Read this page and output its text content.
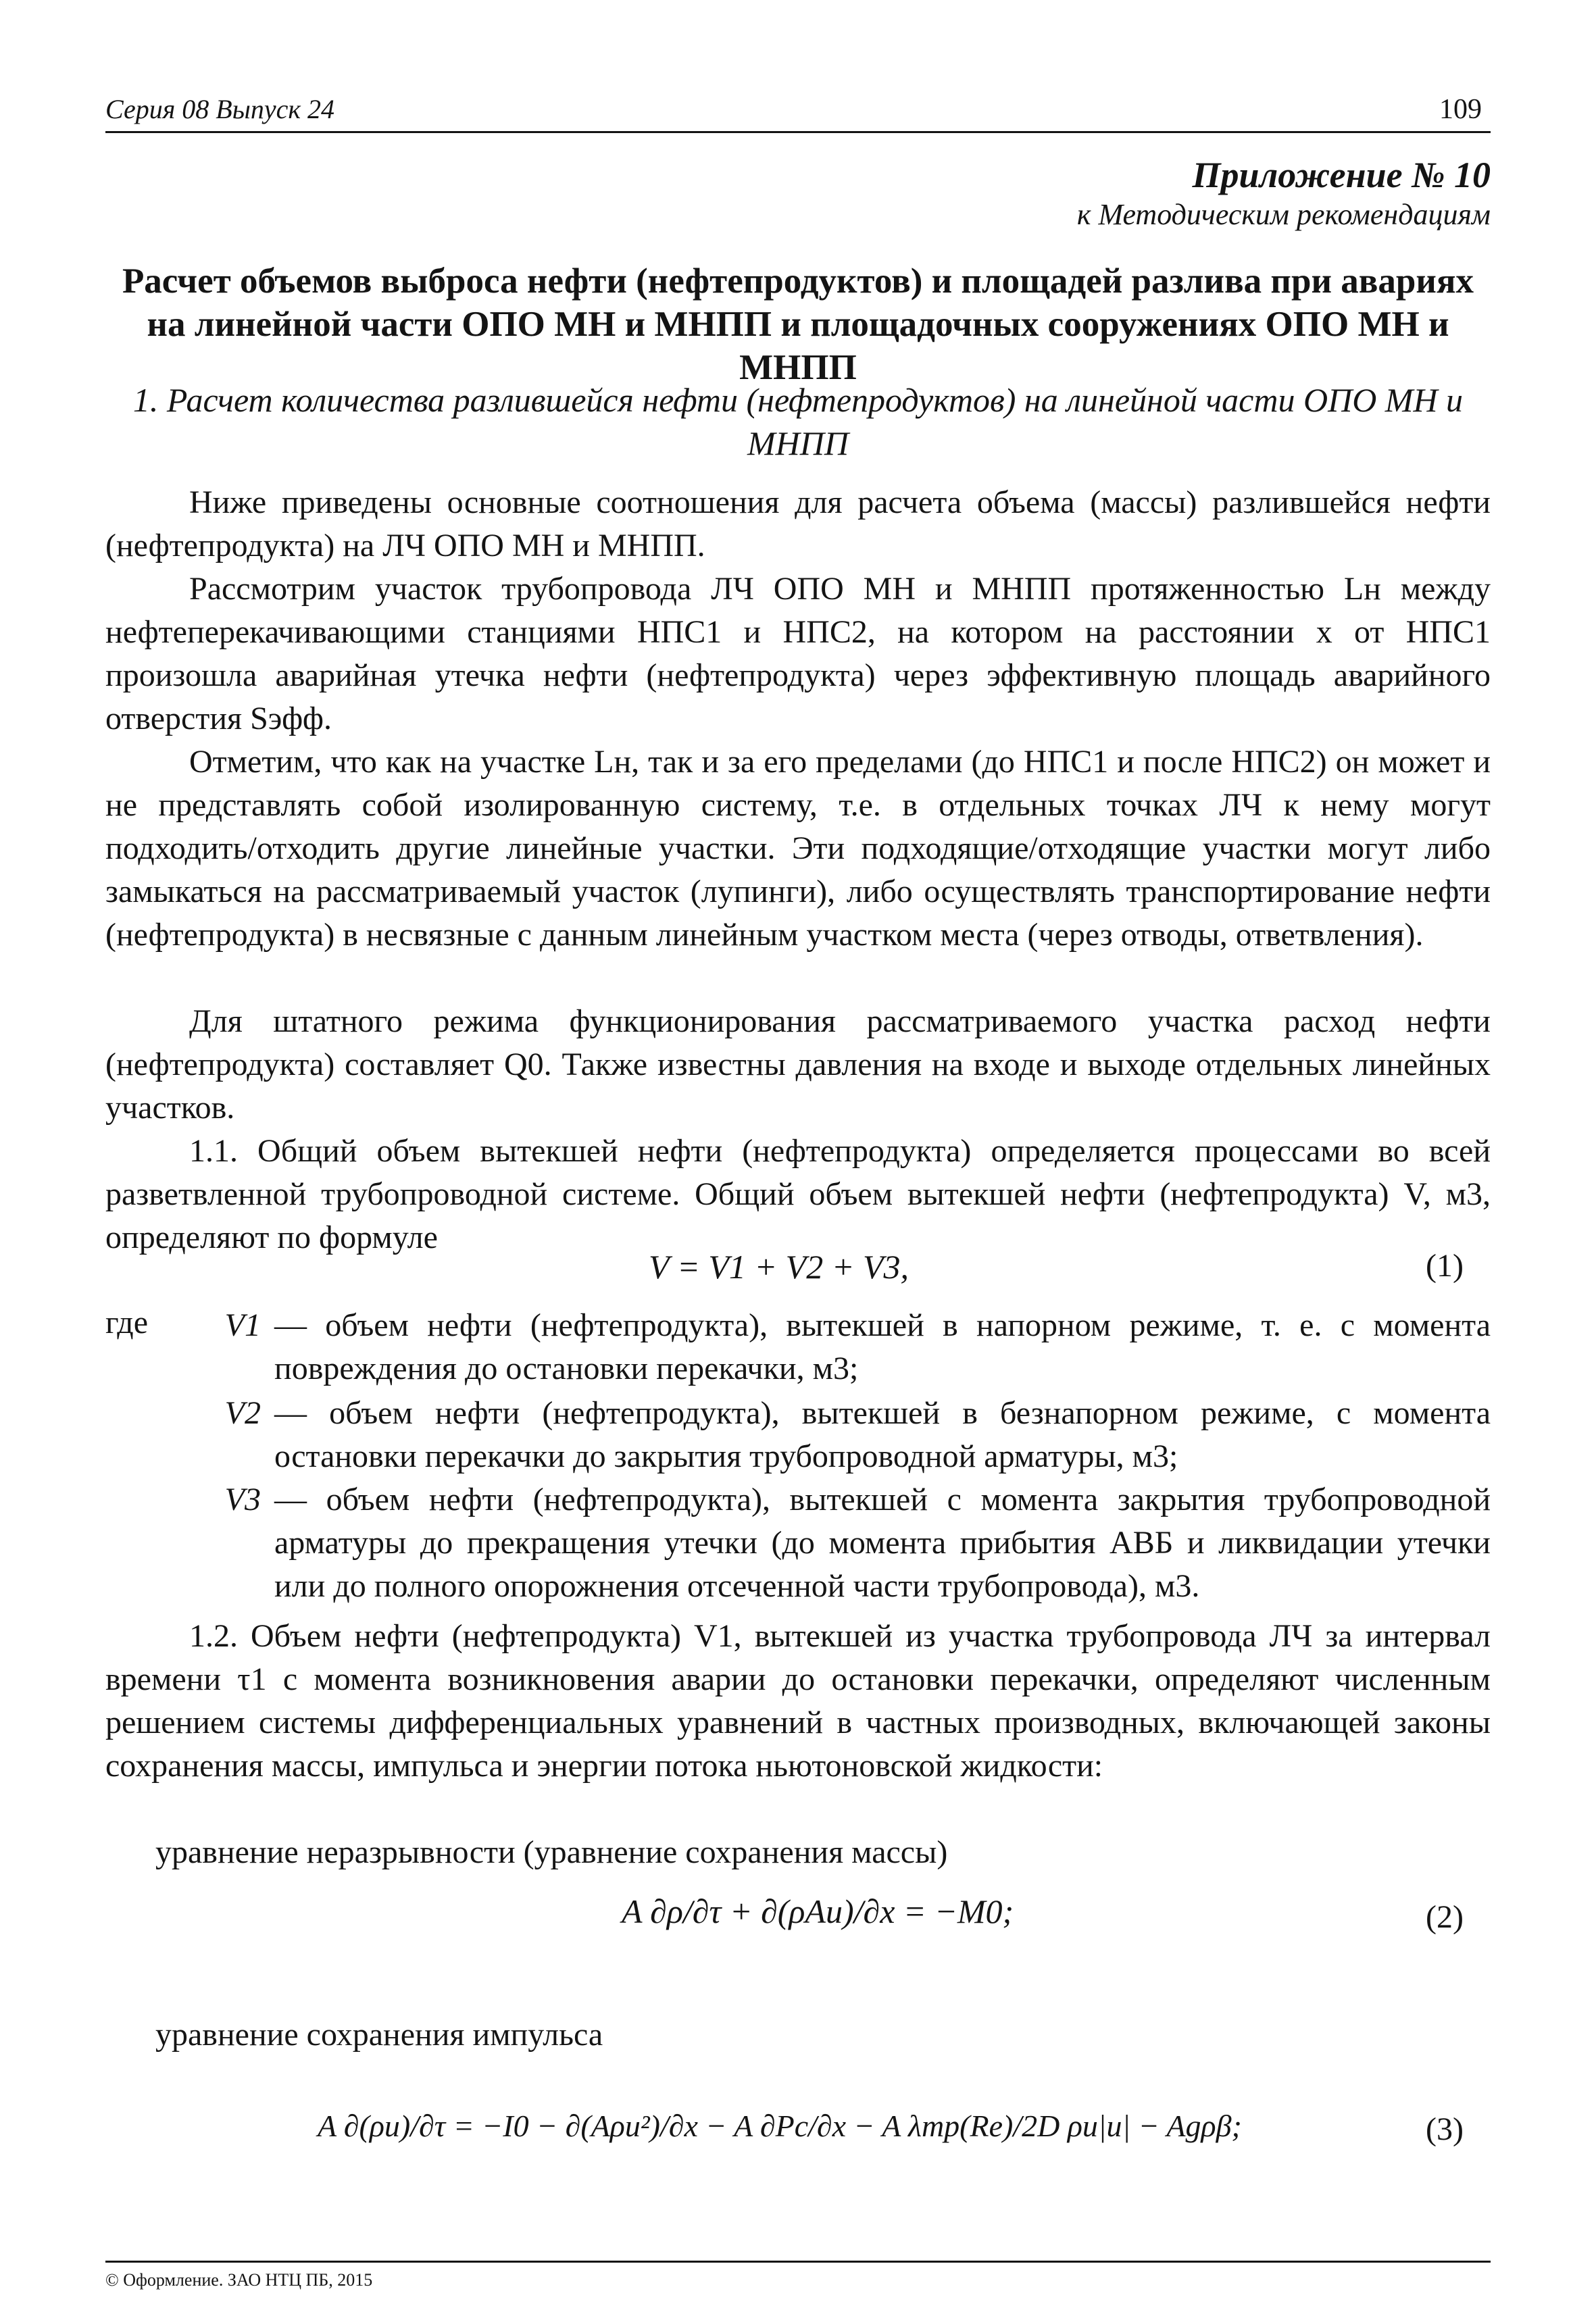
Серия 08 Выпуск 24	109
Приложение № 10
к Методическим рекомендациям
Расчет объемов выброса нефти (нефтепродуктов) и площадей разлива при авариях на линейной части ОПО МН и МНПП и площадочных сооружениях ОПО МН и МНПП
1. Расчет количества разлившейся нефти (нефтепродуктов) на линейной части ОПО МН и МНПП

Ниже приведены основные соотношения для расчета объема (массы) разлившейся нефти (нефтепродукта) на ЛЧ ОПО МН и МНПП.

Рассмотрим участок трубопровода ЛЧ ОПО МН и МНПП протяженностью Lн между нефтеперекачивающими станциями НПС1 и НПС2, на котором на расстоянии x от НПС1 произошла аварийная утечка нефти (нефтепродукта) через эффективную площадь аварийного отверстия Sэфф.

Отметим, что как на участке Lн, так и за его пределами (до НПС1 и после НПС2) он может и не представлять собой изолированную систему, т.е. в отдельных точках ЛЧ к нему могут подходить/отходить другие линейные участки. Эти подходящие/отходящие участки могут либо замыкаться на рассматриваемый участок (лупинги), либо осуществлять транспортирование нефти (нефтепродукта) в несвязные с данным линейным участком места (через отводы, ответвления).

Для штатного режима функционирования рассматриваемого участка расход нефти (нефтепродукта) составляет Q0. Также известны давления на входе и выходе отдельных линейных участков.

1.1. Общий объем вытекшей нефти (нефтепродукта) определяется процессами во всей разветвленной трубопроводной системе. Общий объем вытекшей нефти (нефтепродукта) V, м3, определяют по формуле

V = V1 + V2 + V3,	(1)
где	V1 — объем нефти (нефтепродукта), вытекшей в напорном режиме, т. е. с момента повреждения до остановки перекачки, м3;
V2 — объем нефти (нефтепродукта), вытекшей в безнапорном режиме, с момента остановки перекачки до закрытия трубопроводной арматуры, м3;
V3 — объем нефти (нефтепродукта), вытекшей с момента закрытия трубопроводной арматуры до прекращения утечки (до момента прибытия АВБ и ликвидации утечки или до полного опорожнения отсеченной части трубопровода), м3.

1.2. Объем нефти (нефтепродукта) V1, вытекшей из участка трубопровода ЛЧ за интервал времени τ1 с момента возникновения аварии до остановки перекачки, определяют численным решением системы дифференциальных уравнений в частных производных, включающей законы сохранения массы, импульса и энергии потока ньютоновской жидкости:

уравнение неразрывности (уравнение сохранения массы)

A ∂ρ/∂τ + ∂(ρAu)/∂x = −M0;	(2)

уравнение сохранения импульса

A ∂(ρu)/∂τ = −I0 − ∂(Aρu²)/∂x − A ∂Pс/∂x − A λтр(Re)/2D ρu|u| − Agρβ;	(3)
© Оформление. ЗАО НТЦ ПБ, 2015
